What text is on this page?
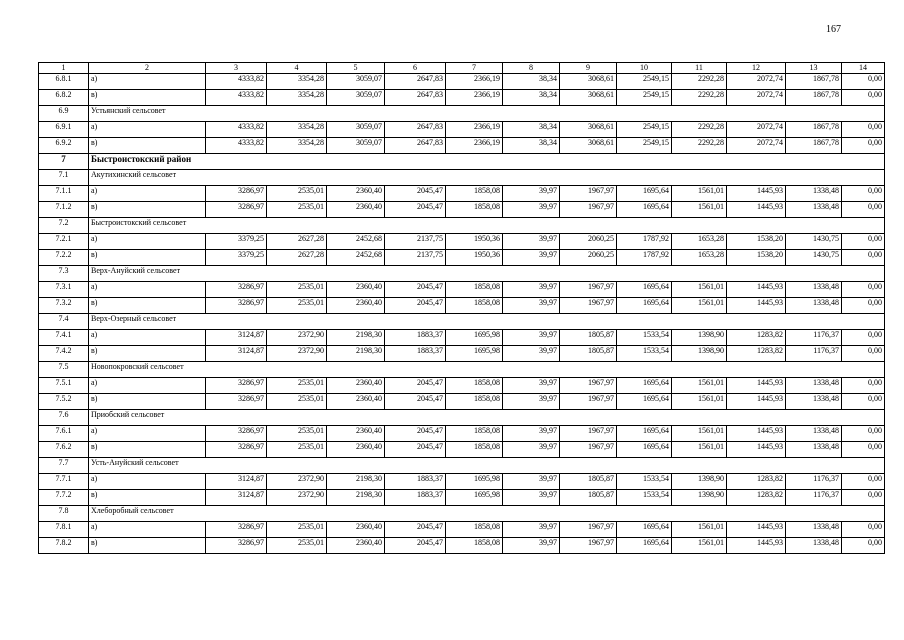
167
1	2	3	4	5	6	7	8	9	10	11	12	13	14
6.8.1	а)	4333,82	3354,28	3059,07	2647,83	2366,19	38,34	3068,61	2549,15	2292,28	2072,74	1867,78	0,00
6.8.2	в)	4333,82	3354,28	3059,07	2647,83	2366,19	38,34	3068,61	2549,15	2292,28	2072,74	1867,78	0,00
6.9	Устьянский сельсовет												
6.9.1	а)	4333,82	3354,28	3059,07	2647,83	2366,19	38,34	3068,61	2549,15	2292,28	2072,74	1867,78	0,00
6.9.2	в)	4333,82	3354,28	3059,07	2647,83	2366,19	38,34	3068,61	2549,15	2292,28	2072,74	1867,78	0,00
7	Быстроистокский район												
7.1	Акутихинский сельсовет												
7.1.1	а)	3286,97	2535,01	2360,40	2045,47	1858,08	39,97	1967,97	1695,64	1561,01	1445,93	1338,48	0,00
7.1.2	в)	3286,97	2535,01	2360,40	2045,47	1858,08	39,97	1967,97	1695,64	1561,01	1445,93	1338,48	0,00
7.2	Быстроистокский сельсовет												
7.2.1	а)	3379,25	2627,28	2452,68	2137,75	1950,36	39,97	2060,25	1787,92	1653,28	1538,20	1430,75	0,00
7.2.2	в)	3379,25	2627,28	2452,68	2137,75	1950,36	39,97	2060,25	1787,92	1653,28	1538,20	1430,75	0,00
7.3	Верх-Ануйский сельсовет												
7.3.1	а)	3286,97	2535,01	2360,40	2045,47	1858,08	39,97	1967,97	1695,64	1561,01	1445,93	1338,48	0,00
7.3.2	в)	3286,97	2535,01	2360,40	2045,47	1858,08	39,97	1967,97	1695,64	1561,01	1445,93	1338,48	0,00
7.4	Верх-Озерный сельсовет												
7.4.1	а)	3124,87	2372,90	2198,30	1883,37	1695,98	39,97	1805,87	1533,54	1398,90	1283,82	1176,37	0,00
7.4.2	в)	3124,87	2372,90	2198,30	1883,37	1695,98	39,97	1805,87	1533,54	1398,90	1283,82	1176,37	0,00
7.5	Новопокровский сельсовет												
7.5.1	а)	3286,97	2535,01	2360,40	2045,47	1858,08	39,97	1967,97	1695,64	1561,01	1445,93	1338,48	0,00
7.5.2	в)	3286,97	2535,01	2360,40	2045,47	1858,08	39,97	1967,97	1695,64	1561,01	1445,93	1338,48	0,00
7.6	Приобский сельсовет												
7.6.1	а)	3286,97	2535,01	2360,40	2045,47	1858,08	39,97	1967,97	1695,64	1561,01	1445,93	1338,48	0,00
7.6.2	в)	3286,97	2535,01	2360,40	2045,47	1858,08	39,97	1967,97	1695,64	1561,01	1445,93	1338,48	0,00
7.7	Усть-Ануйский сельсовет												
7.7.1	а)	3124,87	2372,90	2198,30	1883,37	1695,98	39,97	1805,87	1533,54	1398,90	1283,82	1176,37	0,00
7.7.2	в)	3124,87	2372,90	2198,30	1883,37	1695,98	39,97	1805,87	1533,54	1398,90	1283,82	1176,37	0,00
7.8	Хлеборобный сельсовет												
7.8.1	а)	3286,97	2535,01	2360,40	2045,47	1858,08	39,97	1967,97	1695,64	1561,01	1445,93	1338,48	0,00
7.8.2	в)	3286,97	2535,01	2360,40	2045,47	1858,08	39,97	1967,97	1695,64	1561,01	1445,93	1338,48	0,00
